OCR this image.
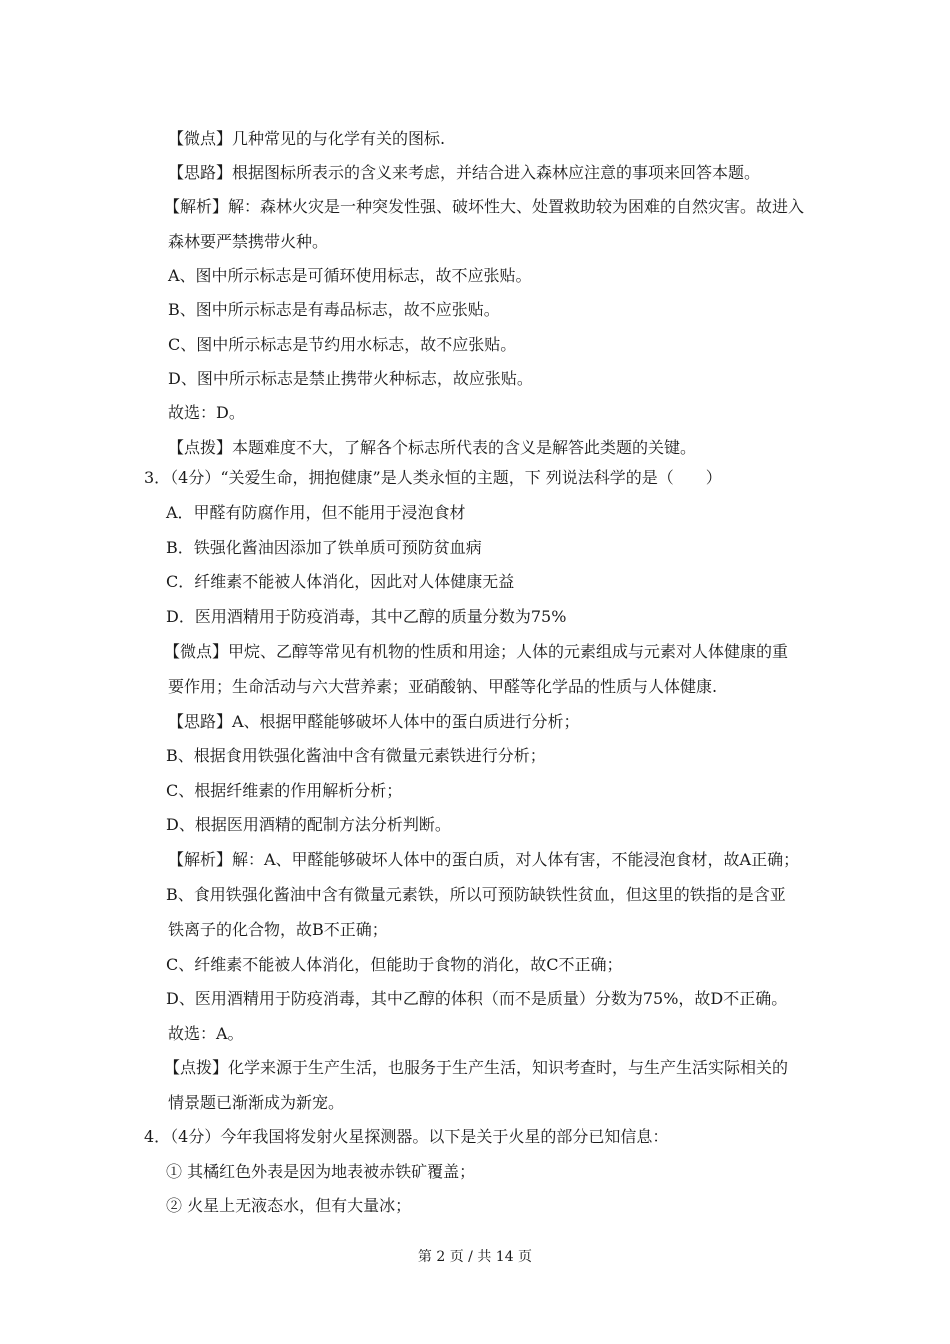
【微点】几种常见的与化学有关的图标.
【思路】根据图标所表示的含义来考虑，并结合进入森林应注意的事项来回答本题。
【解析】解：森林火灾是一种突发性强、破坏性大、处置救助较为困难的自然灾害。故进入
森林要严禁携带火种。
A、图中所示标志是可循环使用标志，故不应张贴。
B、图中所示标志是有毒品标志，故不应张贴。
C、图中所示标志是节约用水标志，故不应张贴。
D、图中所示标志是禁止携带火种标志，故应张贴。
故选：D。
【点拨】本题难度不大，了解各个标志所代表的含义是解答此类题的关键。
3．（4分）“关爱生命，拥抱健康”是人类永恒的主题，下 列说法科学的是（　　）
A．甲醛有防腐作用，但不能用于浸泡食材
B．铁强化酱油因添加了铁单质可预防贫血病
C．纤维素不能被人体消化，因此对人体健康无益
D．医用酒精用于防疫消毒，其中乙醇的质量分数为75%
【微点】甲烷、乙醇等常见有机物的性质和用途；人体的元素组成与元素对人体健康的重
要作用；生命活动与六大营养素；亚硝酸钠、甲醛等化学品的性质与人体健康.
【思路】A、根据甲醛能够破坏人体中的蛋白质进行分析；
B、根据食用铁强化酱油中含有微量元素铁进行分析；
C、根据纤维素的作用解析分析；
D、根据医用酒精的配制方法分析判断。
【解析】解：A、甲醛能够破坏人体中的蛋白质，对人体有害，不能浸泡食材，故A正确；
B、食用铁强化酱油中含有微量元素铁，所以可预防缺铁性贫血，但这里的铁指的是含亚
铁离子的化合物，故B不正确；
C、纤维素不能被人体消化，但能助于食物的消化，故C不正确；
D、医用酒精用于防疫消毒，其中乙醇的体积（而不是质量）分数为75%，故D不正确。
故选：A。
【点拨】化学来源于生产生活，也服务于生产生活，知识考查时，与生产生活实际相关的
情景题已渐渐成为新宠。
4．（4分）今年我国将发射火星探测器。以下是关于火星的部分已知信息：
① 其橘红色外表是因为地表被赤铁矿覆盖；
② 火星上无液态水，但有大量冰；
第 2 页 / 共 14 页
